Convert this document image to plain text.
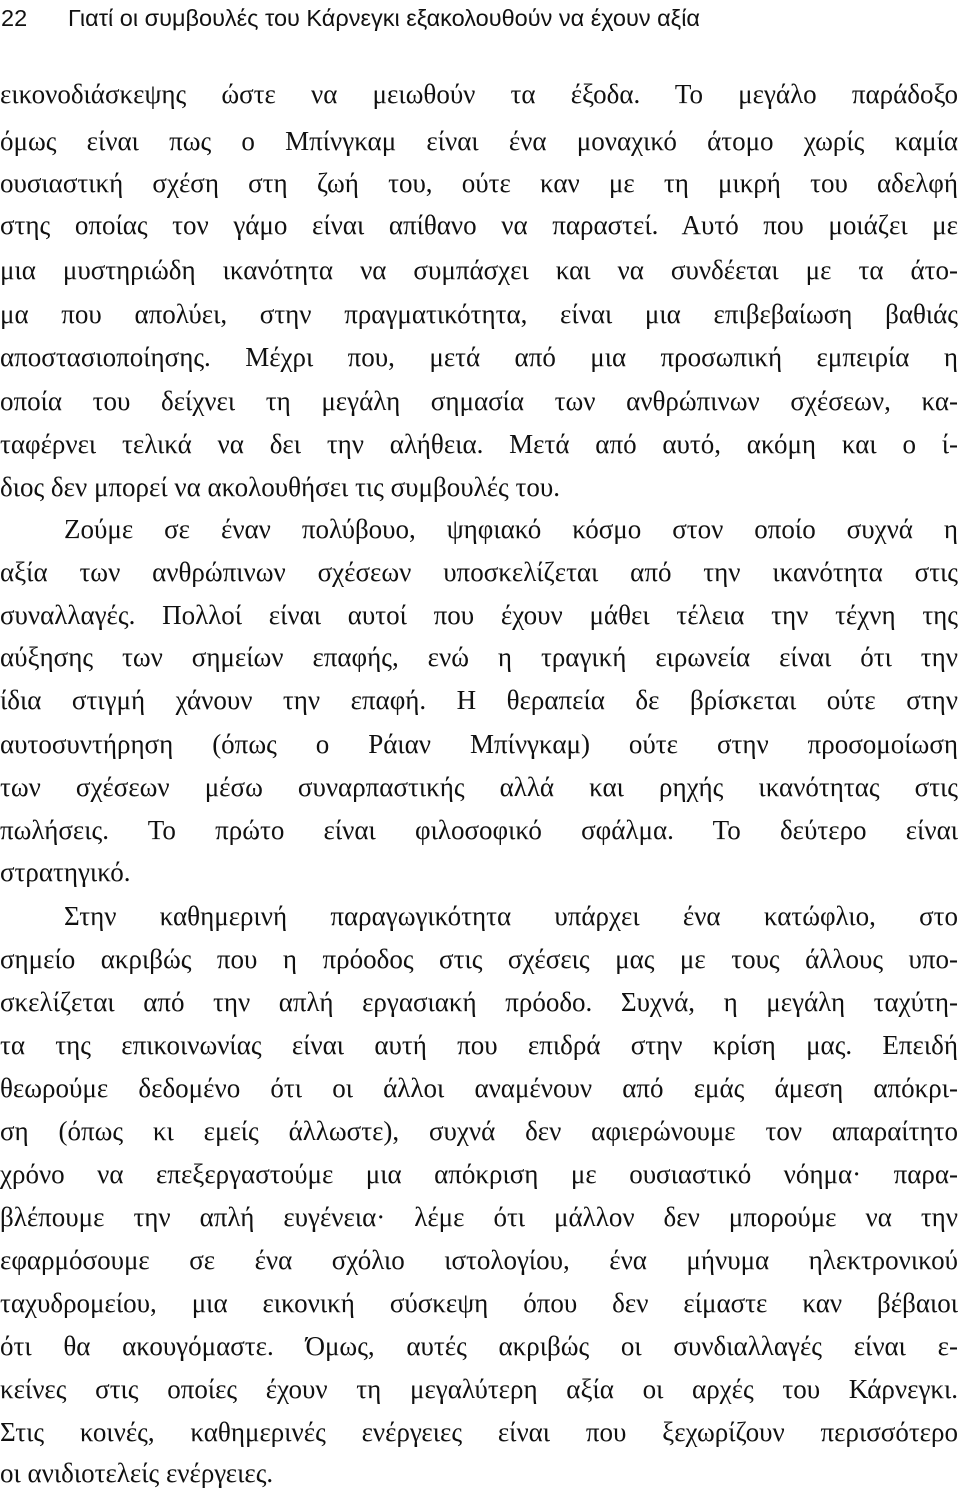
22 Γιατί οι συμβουλές του Κάρνεγκι εξακολουθούν να έχουν αξία
εικονοδιάσκεψης ώστε να μειωθούν τα έξοδα. Το μεγάλο παράδοξο
όμως είναι πως ο Μπίνγκαμ είναι ένα μοναχικό άτομο χωρίς καμία
ουσιαστική σχέση στη ζωή του, ούτε καν με τη μικρή του αδελφή
στης οποίας τον γάμο είναι απίθανο να παραστεί. Αυτό που μοιάζει με
μια μυστηριώδη ικανότητα να συμπάσχει και να συνδέεται με τα άτο-
μα που απολύει, στην πραγματικότητα, είναι μια επιβεβαίωση βαθιάς
αποστασιοποίησης. Μέχρι που, μετά από μια προσωπική εμπειρία η
οποία του δείχνει τη μεγάλη σημασία των ανθρώπινων σχέσεων, κα-
ταφέρνει τελικά να δει την αλήθεια. Μετά από αυτό, ακόμη και ο ί-
διος δεν μπορεί να ακολουθήσει τις συμβουλές του.
Ζούμε σε έναν πολύβουο, ψηφιακό κόσμο στον οποίο συχνά η
αξία των ανθρώπινων σχέσεων υποσκελίζεται από την ικανότητα στις
συναλλαγές. Πολλοί είναι αυτοί που έχουν μάθει τέλεια την τέχνη της
αύξησης των σημείων επαφής, ενώ η τραγική ειρωνεία είναι ότι την
ίδια στιγμή χάνουν την επαφή. Η θεραπεία δε βρίσκεται ούτε στην
αυτοσυντήρηση (όπως ο Ράιαν Μπίνγκαμ) ούτε στην προσομοίωση
των σχέσεων μέσω συναρπαστικής αλλά και ρηχής ικανότητας στις
πωλήσεις. Το πρώτο είναι φιλοσοφικό σφάλμα. Το δεύτερο είναι
στρατηγικό.
Στην καθημερινή παραγωγικότητα υπάρχει ένα κατώφλιο, στο
σημείο ακριβώς που η πρόοδος στις σχέσεις μας με τους άλλους υπο-
σκελίζεται από την απλή εργασιακή πρόοδο. Συχνά, η μεγάλη ταχύτη-
τα της επικοινωνίας είναι αυτή που επιδρά στην κρίση μας. Επειδή
θεωρούμε δεδομένο ότι οι άλλοι αναμένουν από εμάς άμεση απόκρι-
ση (όπως κι εμείς άλλωστε), συχνά δεν αφιερώνουμε τον απαραίτητο
χρόνο να επεξεργαστούμε μια απόκριση με ουσιαστικό νόημα· παρα-
βλέπουμε την απλή ευγένεια· λέμε ότι μάλλον δεν μπορούμε να την
εφαρμόσουμε σε ένα σχόλιο ιστολογίου, ένα μήνυμα ηλεκτρονικού
ταχυδρομείου, μια εικονική σύσκεψη όπου δεν είμαστε καν βέβαιοι
ότι θα ακουγόμαστε. Όμως, αυτές ακριβώς οι συνδιαλλαγές είναι ε-
κείνες στις οποίες έχουν τη μεγαλύτερη αξία οι αρχές του Κάρνεγκι.
Στις κοινές, καθημερινές ενέργειες είναι που ξεχωρίζουν περισσότερο
οι ανιδιοτελείς ενέργειες.
